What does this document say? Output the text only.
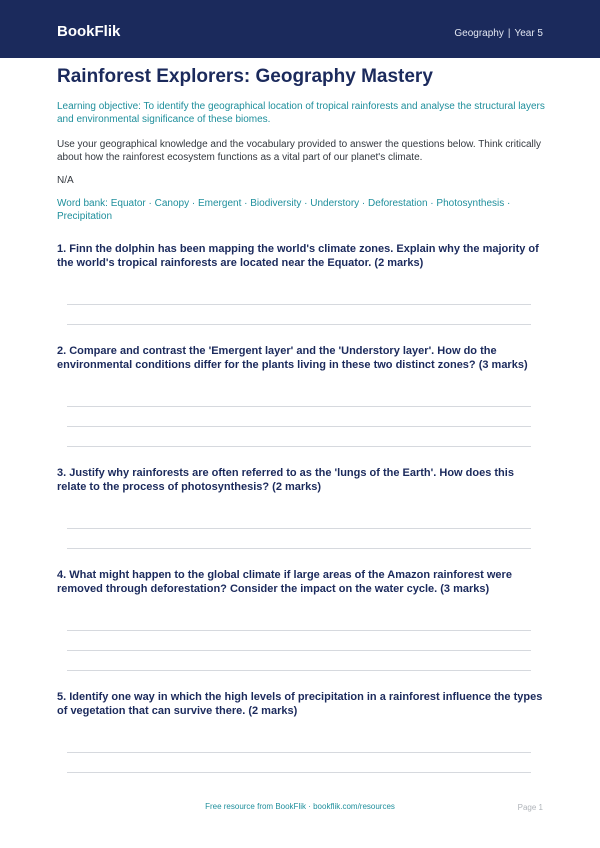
BookFlik	Geography | Year 5
Rainforest Explorers: Geography Mastery
Learning objective: To identify the geographical location of tropical rainforests and analyse the structural layers and environmental significance of these biomes.
Use your geographical knowledge and the vocabulary provided to answer the questions below. Think critically about how the rainforest ecosystem functions as a vital part of our planet's climate.
N/A
Word bank: Equator · Canopy · Emergent · Biodiversity · Understory · Deforestation · Photosynthesis · Precipitation
1. Finn the dolphin has been mapping the world's climate zones. Explain why the majority of the world's tropical rainforests are located near the Equator. (2 marks)
2. Compare and contrast the 'Emergent layer' and the 'Understory layer'. How do the environmental conditions differ for the plants living in these two distinct zones? (3 marks)
3. Justify why rainforests are often referred to as the 'lungs of the Earth'. How does this relate to the process of photosynthesis? (2 marks)
4. What might happen to the global climate if large areas of the Amazon rainforest were removed through deforestation? Consider the impact on the water cycle. (3 marks)
5. Identify one way in which the high levels of precipitation in a rainforest influence the types of vegetation that can survive there. (2 marks)
Free resource from BookFlik · bookflik.com/resources	Page 1
